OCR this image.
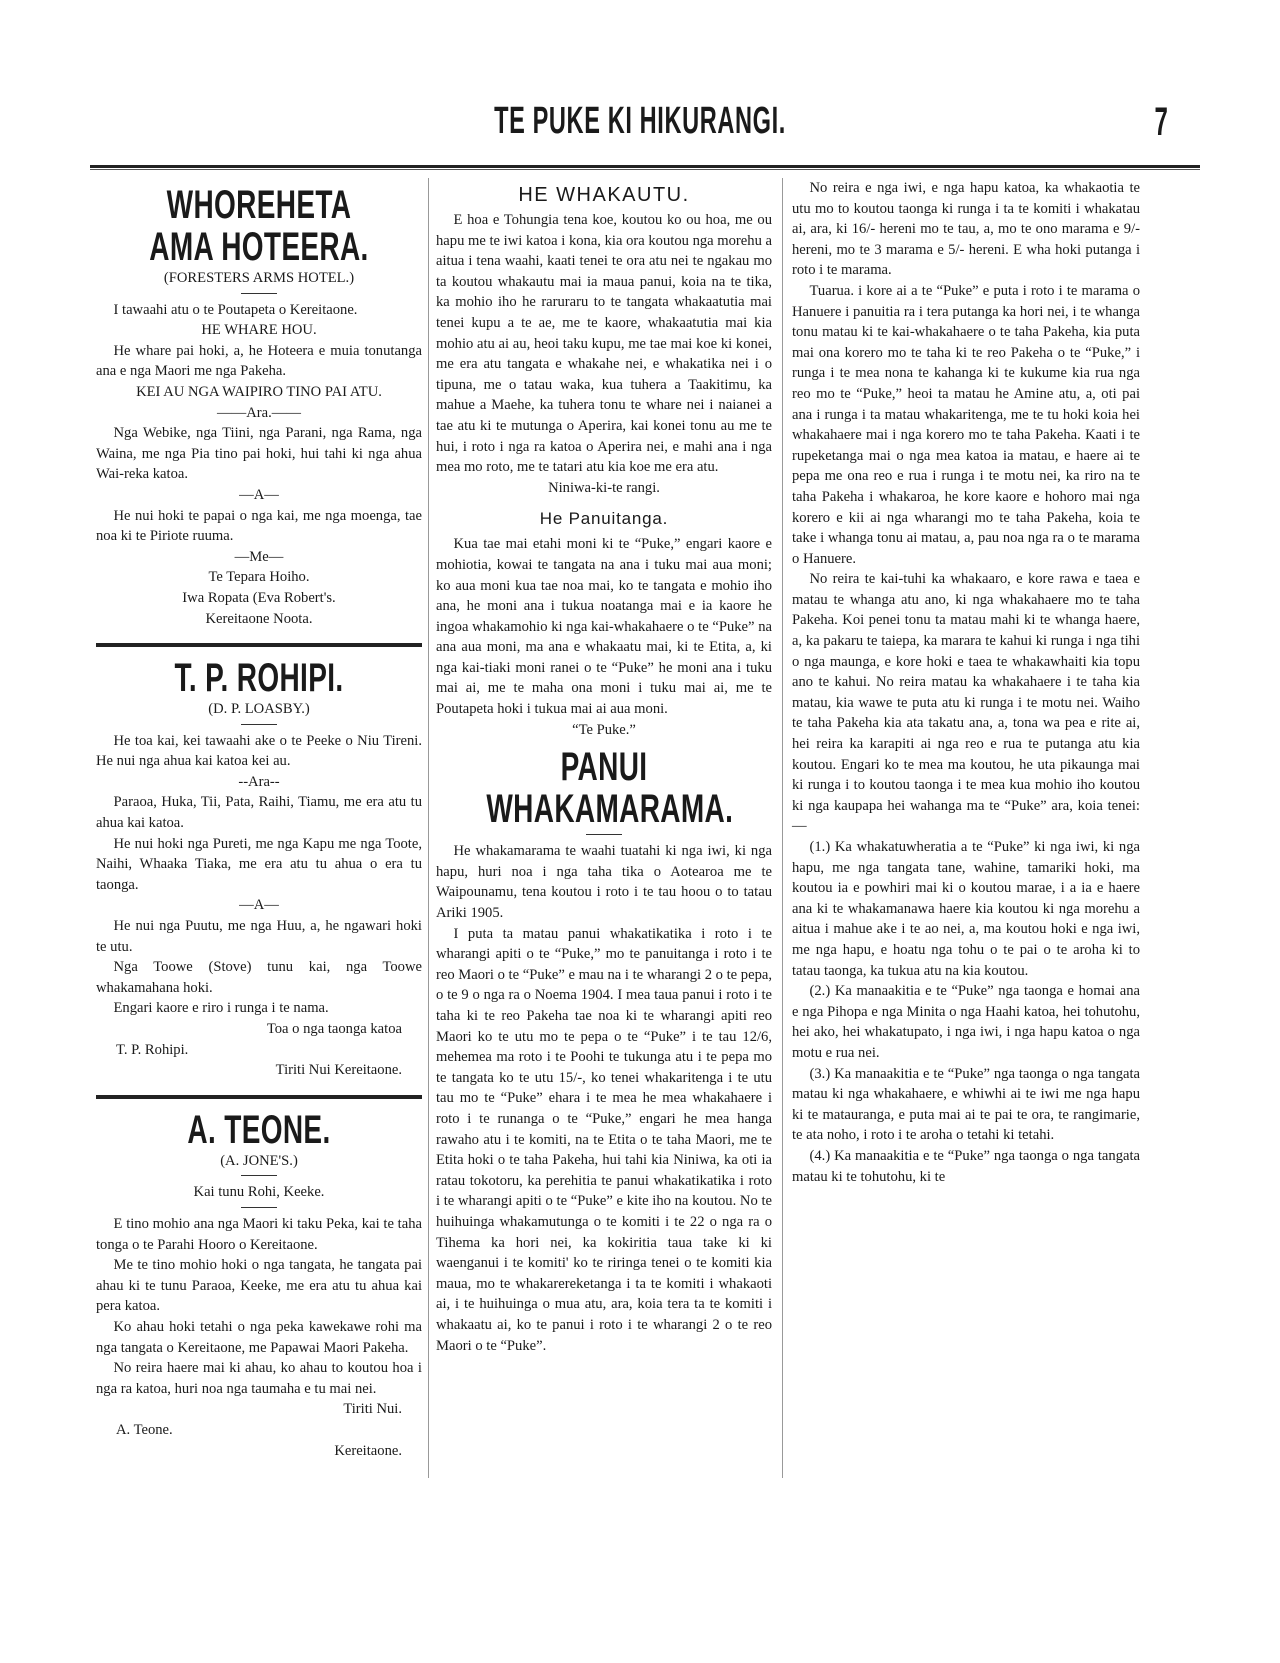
TE PUKE KI HIKURANGI.	7

WHOREHETA AMA HOTEERA.

(FORESTERS ARMS HOTEL.)

I tawaahi atu o te Poutapeta o Kereitaone.

HE WHARE HOU.

He whare pai hoki, a, he Hoteera e muia tonutanga ana e nga Maori me nga Pakeha.

KEI AU NGA WAIPIRO TINO PAI ATU.

——Ara.——

Nga Webike, nga Tiini, nga Parani, nga Rama, nga Waina, me nga Pia tino pai hoki, hui tahi ki nga ahua Wai-reka katoa.

—A—

He nui hoki te papai o nga kai, me nga moenga, tae noa ki te Piriote ruuma.

—Me—

Te Tepara Hoiho.

Iwa Ropata (Eva Robert's.

Kereitaone Noota.

T. P. ROHIPI.

(D. P. LOASBY.)

He toa kai, kei tawaahi ake o te Peeke o Niu Tireni. He nui nga ahua kai katoa kei au.

--Ara--

Paraoa, Huka, Tii, Pata, Raihi, Tiamu, me era atu tu ahua kai katoa.

He nui hoki nga Pureti, me nga Kapu me nga Toote, Naihi, Whaaka Tiaka, me era atu tu ahua o era tu taonga.

—A—

He nui nga Puutu, me nga Huu, a, he ngawari hoki te utu.

Nga Toowe (Stove) tunu kai, nga Toowe whakamahana hoki.

Engari kaore e riro i runga i te nama.

Toa o nga taonga katoa

T. P. Rohipi.

Tiriti Nui Kereitaone.

A. TEONE.

(A. JONE'S.)

Kai tunu Rohi, Keeke.

E tino mohio ana nga Maori ki taku Peka, kai te taha tonga o te Parahi Hooro o Kereitaone.

Me te tino mohio hoki o nga tangata, he tangata pai ahau ki te tunu Paraoa, Keeke, me era atu tu ahua kai pera katoa.

Ko ahau hoki tetahi o nga peka kawekawe rohi ma nga tangata o Kereitaone, me Papawai Maori Pakeha.

No reira haere mai ki ahau, ko ahau to koutou hoa i nga ra katoa, huri noa nga taumaha e tu mai nei.

Tiriti Nui.

A. Teone.

Kereitaone.

HE WHAKAUTU.

E hoa e Tohungia tena koe, koutou ko ou hoa, me ou hapu me te iwi katoa i kona, kia ora koutou nga morehu a aitua i tena waahi, kaati tenei te ora atu nei te ngakau mo ta koutou whakautu mai ia maua panui, koia na te tika, ka mohio iho he raruraru to te tangata whakaatutia mai tenei kupu a te ae, me te kaore, whakaatutia mai kia mohio atu ai au, heoi taku kupu, me tae mai koe ki konei, me era atu tangata e whakahe nei, e whakatika nei i o tipuna, me o tatau waka, kua tuhera a Taakitimu, ka mahue a Maehe, ka tuhera tonu te whare nei i naianei a tae atu ki te mutunga o Aperira, kai konei tonu au me te hui, i roto i nga ra katoa o Aperira nei, e mahi ana i nga mea mo roto, me te tatari atu kia koe me era atu.

Niniwa-ki-te rangi.

He Panuitanga.

Kua tae mai etahi moni ki te “Puke,” engari kaore e mohiotia, kowai te tangata na ana i tuku mai aua moni; ko aua moni kua tae noa mai, ko te tangata e mohio iho ana, he moni ana i tukua noatanga mai e ia kaore he ingoa whakamohio ki nga kai-whakahaere o te “Puke” na ana aua moni, ma ana e whakaatu mai, ki te Etita, a, ki nga kai-tiaki moni ranei o te “Puke” he moni ana i tuku mai ai, me te maha ona moni i tuku mai ai, me te Poutapeta hoki i tukua mai ai aua moni.

“Te Puke.”

PANUI WHAKAMARAMA.

He whakamarama te waahi tuatahi ki nga iwi, ki nga hapu, huri noa i nga taha tika o Aotearoa me te Waipounamu, tena koutou i roto i te tau hoou o to tatau Ariki 1905.

I puta ta matau panui whakatikatika i roto i te wharangi apiti o te “Puke,” mo te panuitanga i roto i te reo Maori o te “Puke” e mau na i te wharangi 2 o te pepa, o te 9 o nga ra o Noema 1904. I mea taua panui i roto i te taha ki te reo Pakeha tae noa ki te wharangi apiti reo Maori ko te utu mo te pepa o te “Puke” i te tau 12/6, mehemea ma roto i te Poohi te tukunga atu i te pepa mo te tangata ko te utu 15/-, ko tenei whakaritenga i te utu tau mo te “Puke” ehara i te mea he mea whakahaere i roto i te runanga o te “Puke,” engari he mea hanga rawaho atu i te komiti, na te Etita o te taha Maori, me te Etita hoki o te taha Pakeha, hui tahi kia Niniwa, ka oti ia ratau tokotoru, ka perehitia te panui whakatikatika i roto i te wharangi apiti o te “Puke” e kite iho na koutou. No te huihuinga whakamutunga o te komiti i te 22 o nga ra o Tihema ka hori nei, ka kokiritia taua take ki ki waenganui i te komiti' ko te riringa tenei o te komiti kia maua, mo te whakarereketanga i ta te komiti i whakaoti ai, i te huihuinga o mua atu, ara, koia tera ta te komiti i whakaatu ai, ko te panui i roto i te wharangi 2 o te reo Maori o te “Puke”.

No reira e nga iwi, e nga hapu katoa, ka whakaotia te utu mo to koutou taonga ki runga i ta te komiti i whakatau ai, ara, ki 16/- hereni mo te tau, a, mo te ono marama e 9/- hereni, mo te 3 marama e 5/- hereni. E wha hoki putanga i roto i te marama.

Tuarua. i kore ai a te “Puke” e puta i roto i te marama o Hanuere i panuitia ra i tera putanga ka hori nei, i te whanga tonu matau ki te kai-whakahaere o te taha Pakeha, kia puta mai ona korero mo te taha ki te reo Pakeha o te “Puke,” i runga i te mea nona te kahanga ki te kukume kia rua nga reo mo te “Puke,” heoi ta matau he Amine atu, a, oti pai ana i runga i ta matau whakaritenga, me te tu hoki koia hei whakahaere mai i nga korero mo te taha Pakeha. Kaati i te rupeketanga mai o nga mea katoa ia matau, e haere ai te pepa me ona reo e rua i runga i te motu nei, ka riro na te taha Pakeha i whakaroa, he kore kaore e hohoro mai nga korero e kii ai nga wharangi mo te taha Pakeha, koia te take i whanga tonu ai matau, a, pau noa nga ra o te marama o Hanuere.

No reira te kai-tuhi ka whakaaro, e kore rawa e taea e matau te whanga atu ano, ki nga whakahaere mo te taha Pakeha. Koi penei tonu ta matau mahi ki te whanga haere, a, ka pakaru te taiepa, ka marara te kahui ki runga i nga tihi o nga maunga, e kore hoki e taea te whakawhaiti kia topu ano te kahui. No reira matau ka whakahaere i te taha kia matau, kia wawe te puta atu ki runga i te motu nei. Waiho te taha Pakeha kia ata takatu ana, a, tona wa pea e rite ai, hei reira ka karapiti ai nga reo e rua te putanga atu kia koutou. Engari ko te mea ma koutou, he uta pikaunga mai ki runga i to koutou taonga i te mea kua mohio iho koutou ki nga kaupapa hei wahanga ma te “Puke” ara, koia tenei: —

(1.) Ka whakatuwheratia a te “Puke” ki nga iwi, ki nga hapu, me nga tangata tane, wahine, tamariki hoki, ma koutou ia e powhiri mai ki o koutou marae, i a ia e haere ana ki te whakamanawa haere kia koutou ki nga morehu a aitua i mahue ake i te ao nei, a, ma koutou hoki e nga iwi, me nga hapu, e hoatu nga tohu o te pai o te aroha ki to tatau taonga, ka tukua atu na kia koutou.

(2.) Ka manaakitia e te “Puke” nga taonga e homai ana e nga Pihopa e nga Minita o nga Haahi katoa, hei tohutohu, hei ako, hei whakatupato, i nga iwi, i nga hapu katoa o nga motu e rua nei.

(3.) Ka manaakitia e te “Puke” nga taonga o nga tangata matau ki nga whakahaere, e whiwhi ai te iwi me nga hapu ki te matauranga, e puta mai ai te pai te ora, te rangimarie, te ata noho, i roto i te aroha o tetahi ki tetahi.

(4.) Ka manaakitia e te “Puke” nga taonga o nga tangata matau ki te tohutohu, ki te
